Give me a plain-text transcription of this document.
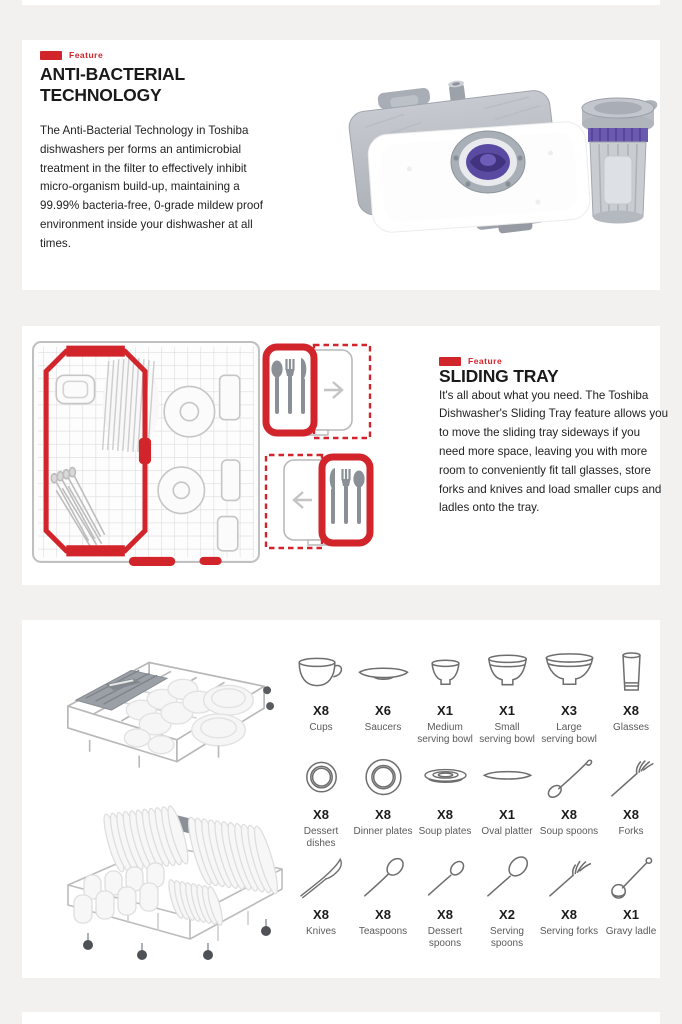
Feature
ANTI-BACTERIAL
TECHNOLOGY

The Anti-Bacterial Technology in Toshiba dishwashers per forms an antimicrobial treatment in the filter to effectively inhibit micro-organism build-up, maintaining a 99.99% bacteria-free, 0-grade mildew proof environment inside your dishwasher at all times.

Feature
SLIDING TRAY

It's all about what you need. The Toshiba Dishwasher's Sliding Tray feature allows you to move the sliding tray sideways if you need more space, leaving you with more room to conveniently fit tall glasses, store forks and knives and load smaller cups and ladles onto the tray.

X8
Cups
X6
Saucers
X1
Medium serving bowl
X1
Small serving bowl
X3
Large serving bowl
X8
Glasses
X8
Dessert dishes
X8
Dinner plates
X8
Soup plates
X1
Oval platter
X8
Soup spoons
X8
Forks
X8
Knives
X8
Teaspoons
X8
Dessert spoons
X2
Serving spoons
X8
Serving forks
X1
Gravy ladle
